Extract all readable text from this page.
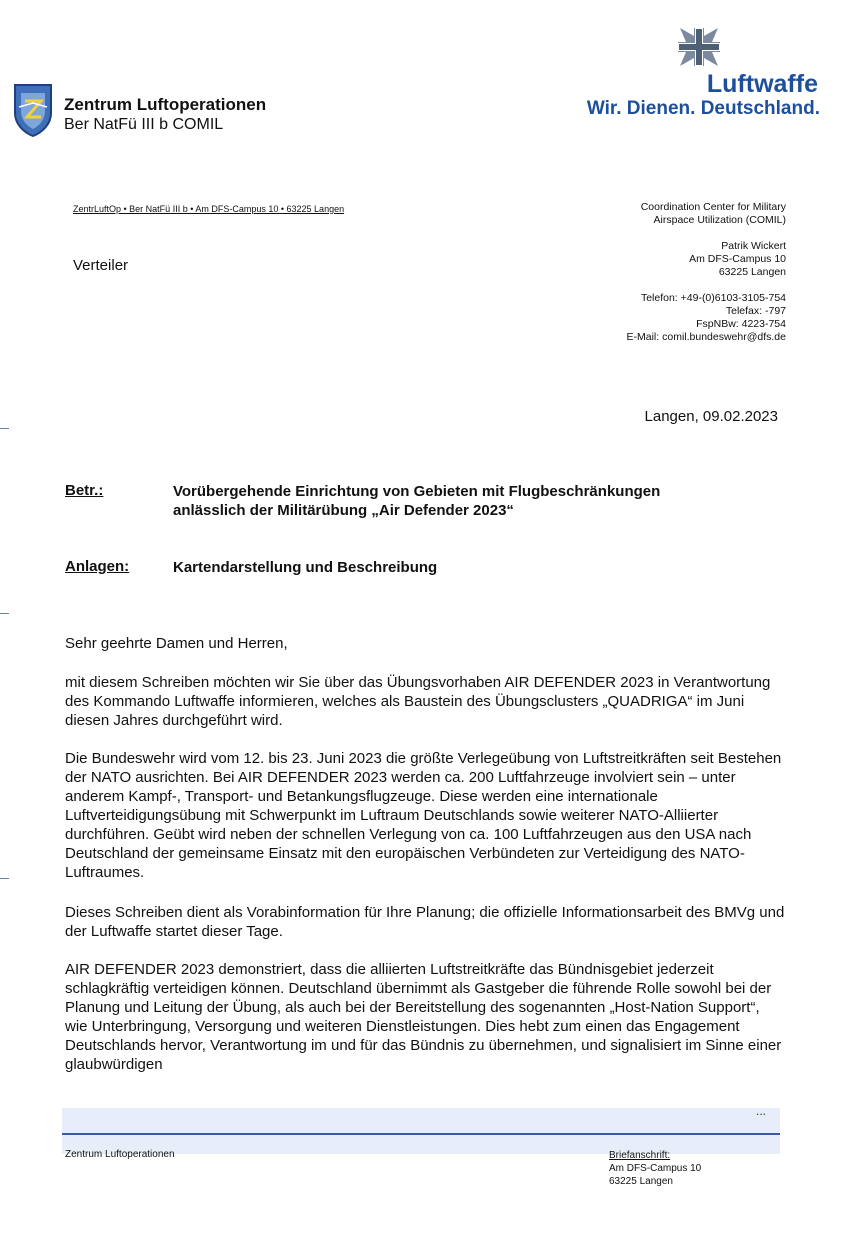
Zentrum Luftoperationen
Ber NatFü III b COMIL
Luftwaffe
Wir. Dienen. Deutschland.
ZentrLuftOp • Ber NatFü III b • Am DFS-Campus 10 • 63225 Langen
Verteiler
Coordination Center for Military
Airspace Utilization (COMIL)
Patrik Wickert
Am DFS-Campus 10
63225 Langen
Telefon: +49-(0)6103-3105-754
Telefax: -797
FspNBw: 4223-754
E-Mail: comil.bundeswehr@dfs.de
Langen, 09.02.2023
Betr.:	Vorübergehende Einrichtung von Gebieten mit Flugbeschränkungen
anlässlich der Militärübung „Air Defender 2023“
Anlagen:	Kartendarstellung und Beschreibung
Sehr geehrte Damen und Herren,

mit diesem Schreiben möchten wir Sie über das Übungsvorhaben AIR DEFENDER 2023 in Verantwortung des Kommando Luftwaffe informieren, welches als Baustein des Übungsclusters „QUADRIGA“ im Juni diesen Jahres durchgeführt wird.

Die Bundeswehr wird vom 12. bis 23. Juni 2023 die größte Verlegeübung von Luftstreitkräften seit Bestehen der NATO ausrichten. Bei AIR DEFENDER 2023 werden ca. 200 Luftfahrzeuge involviert sein – unter anderem Kampf-, Transport- und Betankungsflugzeuge. Diese werden eine internationale Luftverteidigungsübung mit Schwerpunkt im Luftraum Deutschlands sowie weiterer NATO-Alliierter durchführen. Geübt wird neben der schnellen Verlegung von ca. 100 Luftfahrzeugen aus den USA nach Deutschland der gemeinsame Einsatz mit den europäischen Verbündeten zur Verteidigung des NATO-Luftraumes.

Dieses Schreiben dient als Vorabinformation für Ihre Planung; die offizielle Informationsarbeit des BMVg und der Luftwaffe startet dieser Tage.

AIR DEFENDER 2023 demonstriert, dass die alliierten Luftstreitkräfte das Bündnisgebiet jederzeit schlagkräftig verteidigen können. Deutschland übernimmt als Gastgeber die führende Rolle sowohl bei der Planung und Leitung der Übung, als auch bei der Bereitstellung des sogenannten „Host-Nation Support“, wie Unterbringung, Versorgung und weiteren Dienstleistungen. Dies hebt zum einen das Engagement Deutschlands hervor, Verantwortung im und für das Bündnis zu übernehmen, und signalisiert im Sinne einer glaubwürdigen

...
Zentrum Luftoperationen	Briefanschrift:
Am DFS-Campus 10
63225 Langen
